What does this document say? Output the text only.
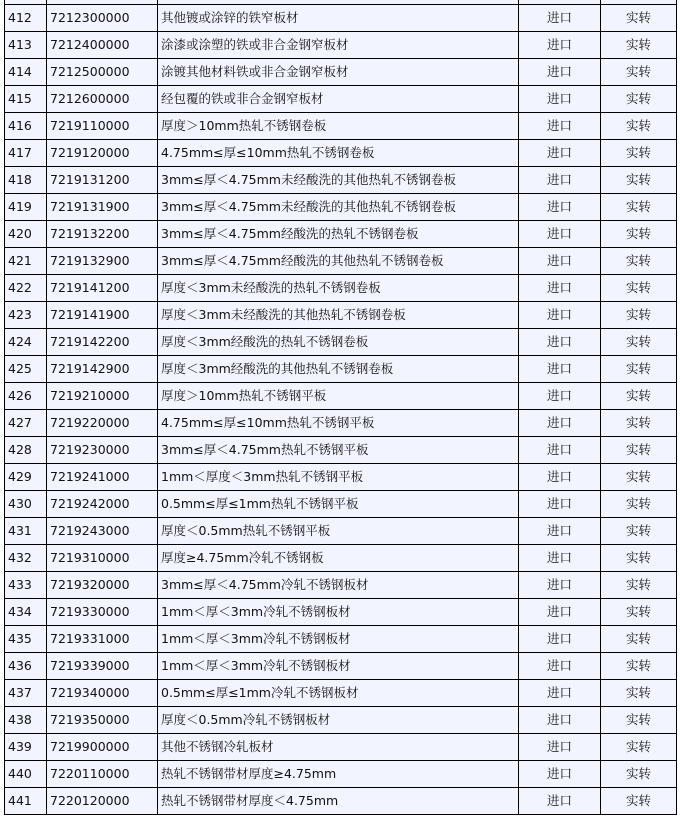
412	7212300000	其他镀或涂锌的铁窄板材	进口	实转
413	7212400000	涂漆或涂塑的铁或非合金钢窄板材	进口	实转
414	7212500000	涂镀其他材料铁或非合金钢窄板材	进口	实转
415	7212600000	经包覆的铁或非合金钢窄板材	进口	实转
416	7219110000	厚度＞10mm热轧不锈钢卷板	进口	实转
417	7219120000	4.75mm≤厚≤10mm热轧不锈钢卷板	进口	实转
418	7219131200	3mm≤厚＜4.75mm未经酸洗的其他热轧不锈钢卷板	进口	实转
419	7219131900	3mm≤厚＜4.75mm未经酸洗的其他热轧不锈钢卷板	进口	实转
420	7219132200	3mm≤厚＜4.75mm经酸洗的热轧不锈钢卷板	进口	实转
421	7219132900	3mm≤厚＜4.75mm经酸洗的其他热轧不锈钢卷板	进口	实转
422	7219141200	厚度＜3mm未经酸洗的热轧不锈钢卷板	进口	实转
423	7219141900	厚度＜3mm未经酸洗的其他热轧不锈钢卷板	进口	实转
424	7219142200	厚度＜3mm经酸洗的热轧不锈钢卷板	进口	实转
425	7219142900	厚度＜3mm经酸洗的其他热轧不锈钢卷板	进口	实转
426	7219210000	厚度＞10mm热轧不锈钢平板	进口	实转
427	7219220000	4.75mm≤厚≤10mm热轧不锈钢平板	进口	实转
428	7219230000	3mm≤厚＜4.75mm热轧不锈钢平板	进口	实转
429	7219241000	1mm＜厚度＜3mm热轧不锈钢平板	进口	实转
430	7219242000	0.5mm≤厚≤1mm热轧不锈钢平板	进口	实转
431	7219243000	厚度＜0.5mm热轧不锈钢平板	进口	实转
432	7219310000	厚度≥4.75mm冷轧不锈钢板	进口	实转
433	7219320000	3mm≤厚＜4.75mm冷轧不锈钢板材	进口	实转
434	7219330000	1mm＜厚＜3mm冷轧不锈钢板材	进口	实转
435	7219331000	1mm＜厚＜3mm冷轧不锈钢板材	进口	实转
436	7219339000	1mm＜厚＜3mm冷轧不锈钢板材	进口	实转
437	7219340000	0.5mm≤厚≤1mm冷轧不锈钢板材	进口	实转
438	7219350000	厚度＜0.5mm冷轧不锈钢板材	进口	实转
439	7219900000	其他不锈钢冷轧板材	进口	实转
440	7220110000	热轧不锈钢带材厚度≥4.75mm	进口	实转
441	7220120000	热轧不锈钢带材厚度＜4.75mm	进口	实转
